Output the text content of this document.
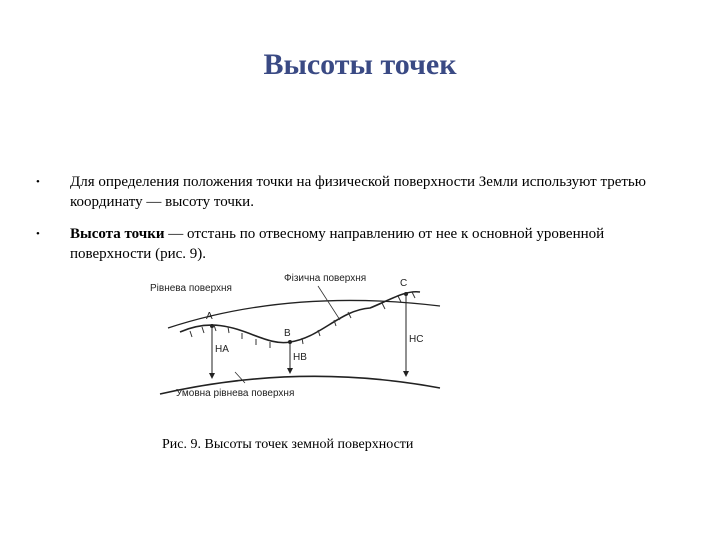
Высоты точек
•	Для определения положения точки на физической поверхности Земли используют третью координату — высоту точки.
•	Высота точки — отстань по отвесному направлению от нее к основной уровенной поверхности (рис. 9).
Рівнева поверхня
Фізична поверхня
Умовна рівнева поверхня
A
B
C
HA
HB
HC
Рис. 9. Высоты точек земной поверхности
